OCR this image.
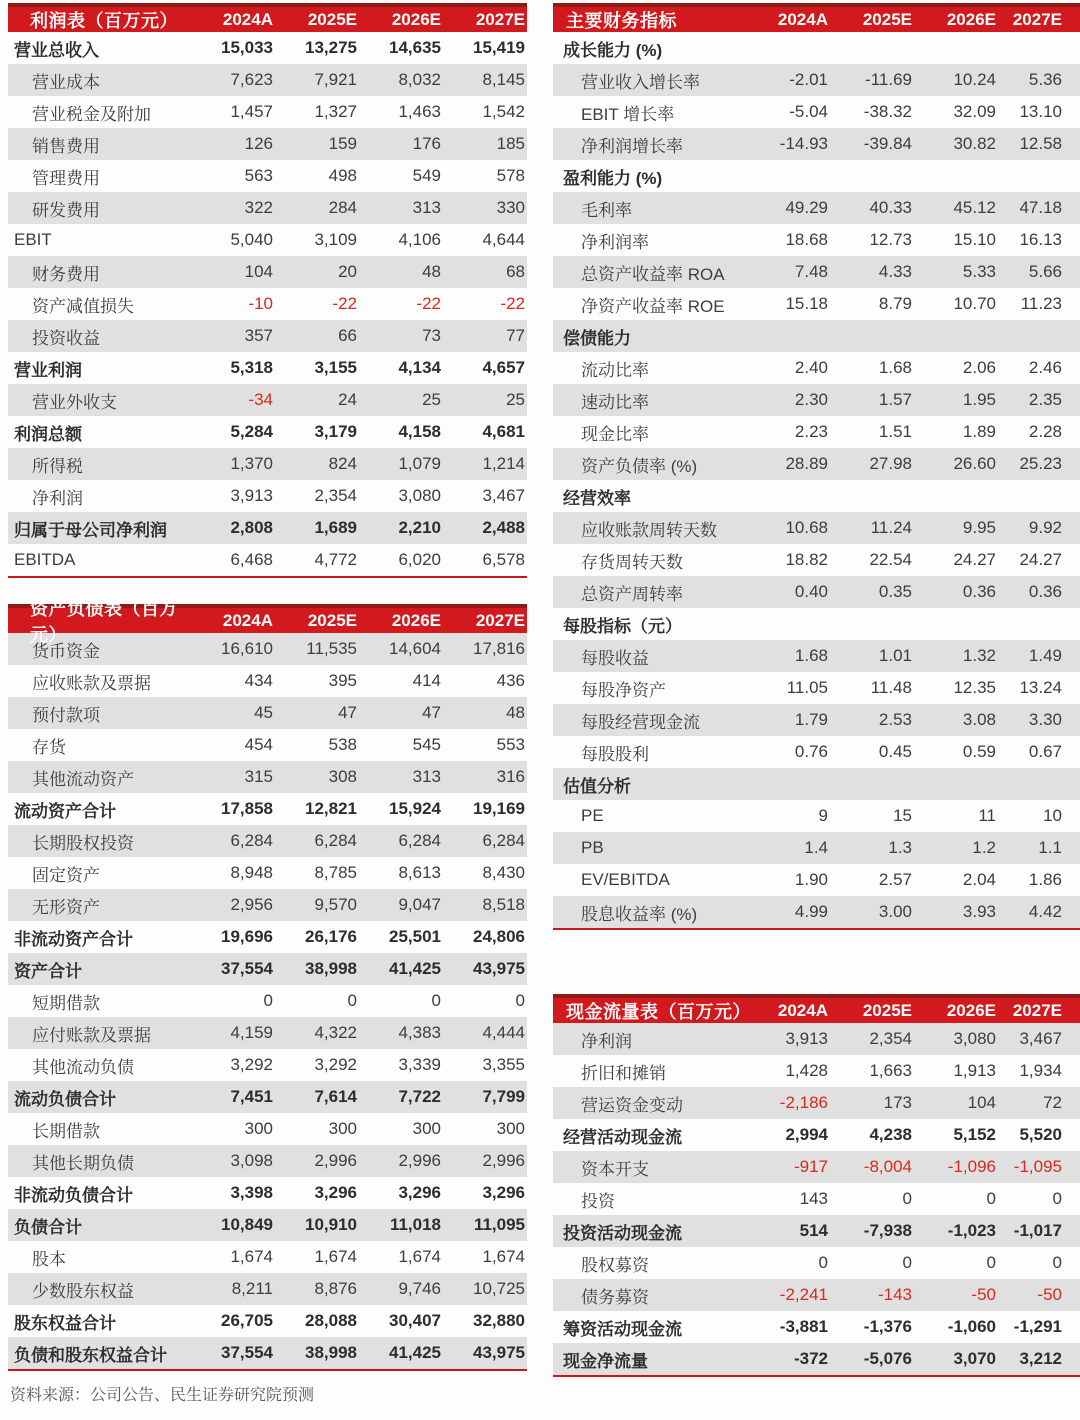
利润表（百万元）	2024A	2025E	2026E	2027E
营业总收入	15,033	13,275	14,635	15,419
营业成本	7,623	7,921	8,032	8,145
营业税金及附加	1,457	1,327	1,463	1,542
销售费用	126	159	176	185
管理费用	563	498	549	578
研发费用	322	284	313	330
EBIT	5,040	3,109	4,106	4,644
财务费用	104	20	48	68
资产减值损失	-10	-22	-22	-22
投资收益	357	66	73	77
营业利润	5,318	3,155	4,134	4,657
营业外收支	-34	24	25	25
利润总额	5,284	3,179	4,158	4,681
所得税	1,370	824	1,079	1,214
净利润	3,913	2,354	3,080	3,467
归属于母公司净利润	2,808	1,689	2,210	2,488
EBITDA	6,468	4,772	6,020	6,578
资产负债表（百万元）
2024A	2025E	2026E	2027E
货币资金	16,610	11,535	14,604	17,816
应收账款及票据	434	395	414	436
预付款项	45	47	47	48
存货	454	538	545	553
其他流动资产	315	308	313	316
流动资产合计	17,858	12,821	15,924	19,169
长期股权投资	6,284	6,284	6,284	6,284
固定资产	8,948	8,785	8,613	8,430
无形资产	2,956	9,570	9,047	8,518
非流动资产合计	19,696	26,176	25,501	24,806
资产合计	37,554	38,998	41,425	43,975
短期借款	0	0	0	0
应付账款及票据	4,159	4,322	4,383	4,444
其他流动负债	3,292	3,292	3,339	3,355
流动负债合计	7,451	7,614	7,722	7,799
长期借款	300	300	300	300
其他长期负债	3,098	2,996	2,996	2,996
非流动负债合计	3,398	3,296	3,296	3,296
负债合计	10,849	10,910	11,018	11,095
股本	1,674	1,674	1,674	1,674
少数股东权益	8,211	8,876	9,746	10,725
股东权益合计	26,705	28,088	30,407	32,880
负债和股东权益合计	37,554	38,998	41,425	43,975
资料来源：公司公告、民生证券研究院预测
主要财务指标	2024A	2025E	2026E 2027E
成长能力 (%)
营业收入增长率	-2.01	-11.69	10.24	5.36
EBIT 增长率	-5.04	-38.32	32.09	13.10
净利润增长率	-14.93	-39.84	30.82	12.58
盈利能力 (%)
毛利率	49.29	40.33	45.12	47.18
净利润率	18.68	12.73	15.10	16.13
总资产收益率 ROA	7.48	4.33	5.33	5.66
净资产收益率 ROE	15.18	8.79	10.70	11.23
偿债能力
流动比率	2.40	1.68	2.06	2.46
速动比率	2.30	1.57	1.95	2.35
现金比率	2.23	1.51	1.89	2.28
资产负债率 (%)	28.89	27.98	26.60	25.23
经营效率
应收账款周转天数	10.68	11.24	9.95	9.92
存货周转天数	18.82	22.54	24.27	24.27
总资产周转率	0.40	0.35	0.36	0.36
每股指标（元）
每股收益	1.68	1.01	1.32	1.49
每股净资产	11.05	11.48	12.35	13.24
每股经营现金流	1.79	2.53	3.08	3.30
每股股利	0.76	0.45	0.59	0.67
估值分析
PE	9	15	11	10
PB	1.4	1.3	1.2	1.1
EV/EBITDA	1.90	2.57	2.04	1.86
股息收益率 (%)	4.99	3.00	3.93	4.42
现金流量表（百万元）	2024A	2025E	2026E 2027E
净利润	3,913	2,354	3,080	3,467
折旧和摊销	1,428	1,663	1,913	1,934
营运资金变动	-2,186	173	104	72
经营活动现金流	2,994	4,238	5,152	5,520
资本开支	-917	-8,004	-1,096	-1,095
投资	143	0	0	0
投资活动现金流	514	-7,938	-1,023	-1,017
股权募资	0	0	0	0
债务募资	-2,241	-143	-50	-50
筹资活动现金流	-3,881	-1,376	-1,060	-1,291
现金净流量	-372	-5,076	3,070	3,212
